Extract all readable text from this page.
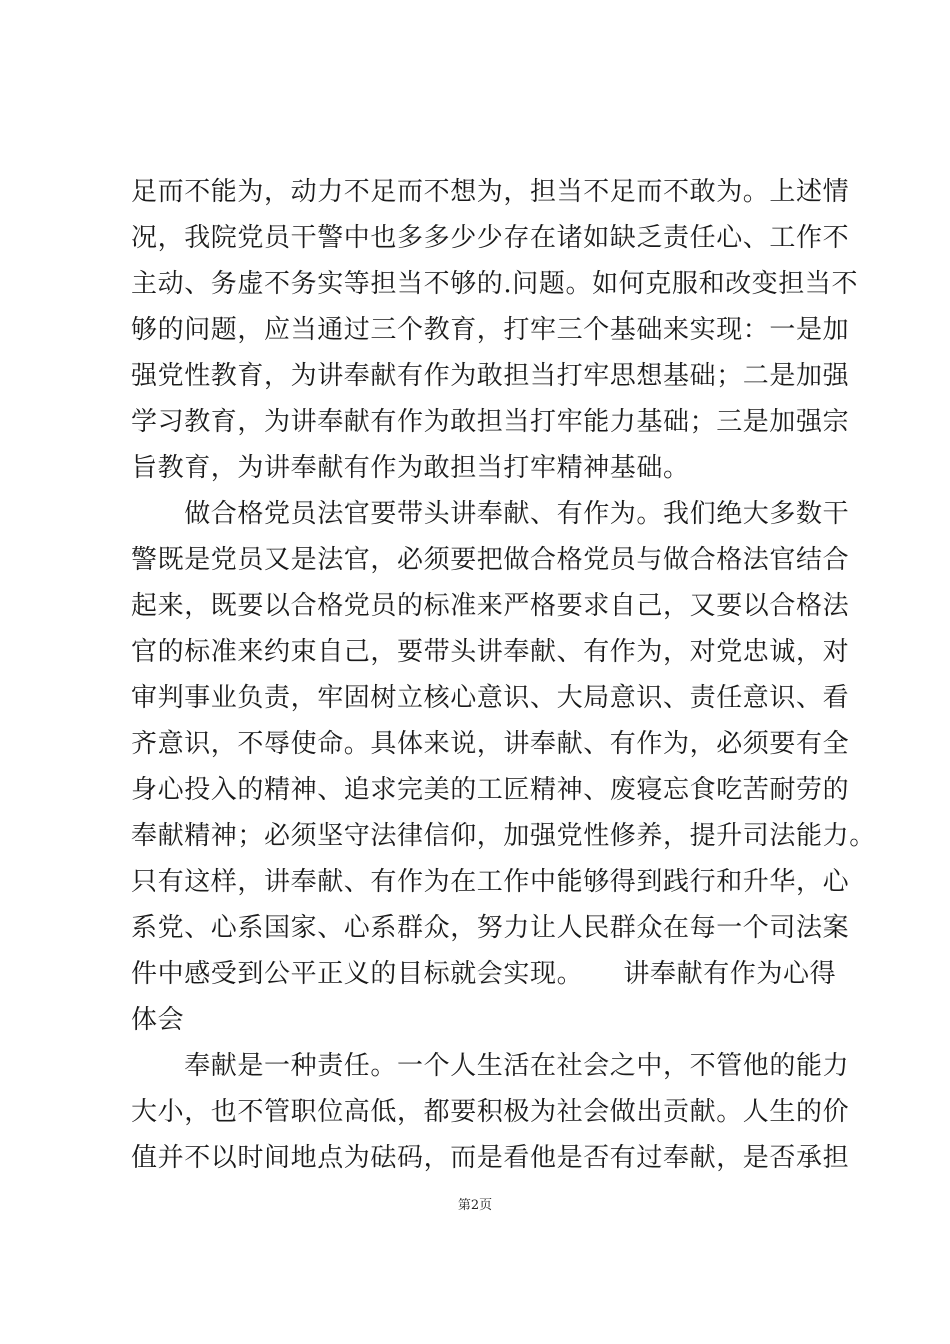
足而不能为，动力不足而不想为，担当不足而不敢为。上述情
况，我院党员干警中也多多少少存在诸如缺乏责任心、工作不
主动、务虚不务实等担当不够的.问题。如何克服和改变担当不
够的问题，应当通过三个教育，打牢三个基础来实现：一是加
强党性教育，为讲奉献有作为敢担当打牢思想基础；二是加强
学习教育，为讲奉献有作为敢担当打牢能力基础；三是加强宗
旨教育，为讲奉献有作为敢担当打牢精神基础。
　　做合格党员法官要带头讲奉献、有作为。我们绝大多数干
警既是党员又是法官，必须要把做合格党员与做合格法官结合
起来，既要以合格党员的标准来严格要求自己，又要以合格法
官的标准来约束自己，要带头讲奉献、有作为，对党忠诚，对
审判事业负责，牢固树立核心意识、大局意识、责任意识、看
齐意识，不辱使命。具体来说，讲奉献、有作为，必须要有全
身心投入的精神、追求完美的工匠精神、废寝忘食吃苦耐劳的
奉献精神；必须坚守法律信仰，加强党性修养，提升司法能力。
只有这样，讲奉献、有作为在工作中能够得到践行和升华，心
系党、心系国家、心系群众，努力让人民群众在每一个司法案
件中感受到公平正义的目标就会实现。　　讲奉献有作为心得
体会
　　奉献是一种责任。一个人生活在社会之中，不管他的能力
大小，也不管职位高低，都要积极为社会做出贡献。人生的价
值并不以时间地点为砝码，而是看他是否有过奉献，是否承担
第2页
